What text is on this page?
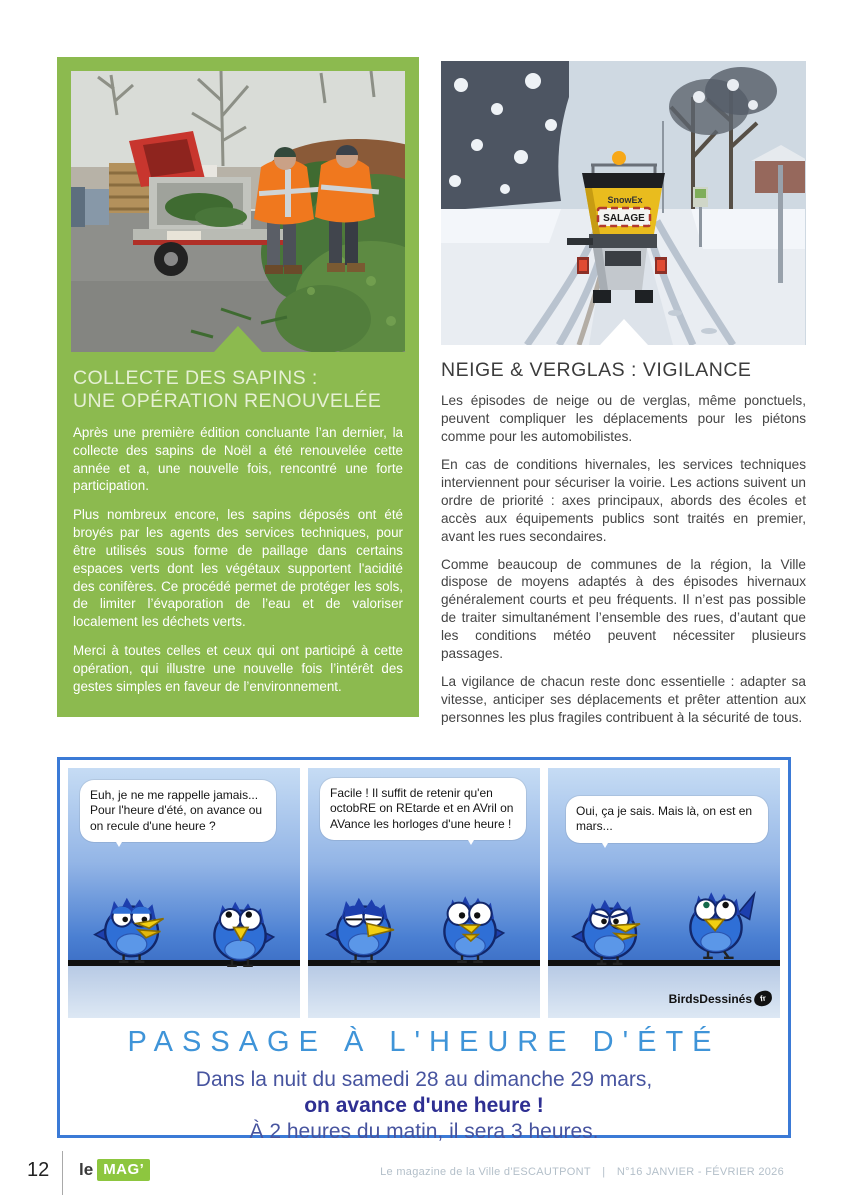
COLLECTE DES SAPINS :
UNE OPÉRATION RENOUVELÉE

Après une première édition concluante l’an dernier, la collecte des sapins de Noël a été renouvelée cette année et a, une nouvelle fois, rencontré une forte participation.

Plus nombreux encore, les sapins déposés ont été broyés par les agents des services techniques, pour être utilisés sous forme de paillage dans certains espaces verts dont les végétaux supportent l'acidité des conifères. Ce procédé permet de protéger les sols, de limiter l’évaporation de l’eau et de valoriser localement les déchets verts.

Merci à toutes celles et ceux qui ont participé à cette opération, qui illustre une nouvelle fois l’intérêt des gestes simples en faveur de l’environnement.

SnowEx
SALAGE
NEIGE & VERGLAS : VIGILANCE

Les épisodes de neige ou de verglas, même ponctuels, peuvent compliquer les déplacements pour les piétons comme pour les automobilistes.

En cas de conditions hivernales, les services techniques interviennent pour sécuriser la voirie. Les actions suivent un ordre de priorité : axes principaux, abords des écoles et accès aux équipements publics sont traités en premier, avant les rues secondaires.

Comme beaucoup de communes de la région, la Ville dispose de moyens adaptés à des épisodes hivernaux généralement courts et peu fréquents. Il n’est pas possible de traiter simultanément l’ensemble des rues, d’autant que les conditions météo peuvent nécessiter plusieurs passages.

La vigilance de chacun reste donc essentielle : adapter sa vitesse, anticiper ses déplacements et prêter attention aux personnes les plus fragiles contribuent à la sécurité de tous.

Euh, je ne me rappelle jamais... Pour l'heure d'été, on avance ou on recule d'une heure ?
Facile ! Il suffit de retenir qu'en octobRE on REtarde et en AVril on AVance les horloges d'une heure !
Oui, ça je sais. Mais là, on est en mars...
BirdsDessinés fr
PASSAGE À L'HEURE D'ÉTÉ
Dans la nuit du samedi 28 au dimanche 29 mars,
on avance d'une heure !
À 2 heures du matin, il sera 3 heures.
12 le MAG’	Le magazine de la Ville d'ESCAUTPONT | N°16 JANVIER - FÉVRIER 2026
